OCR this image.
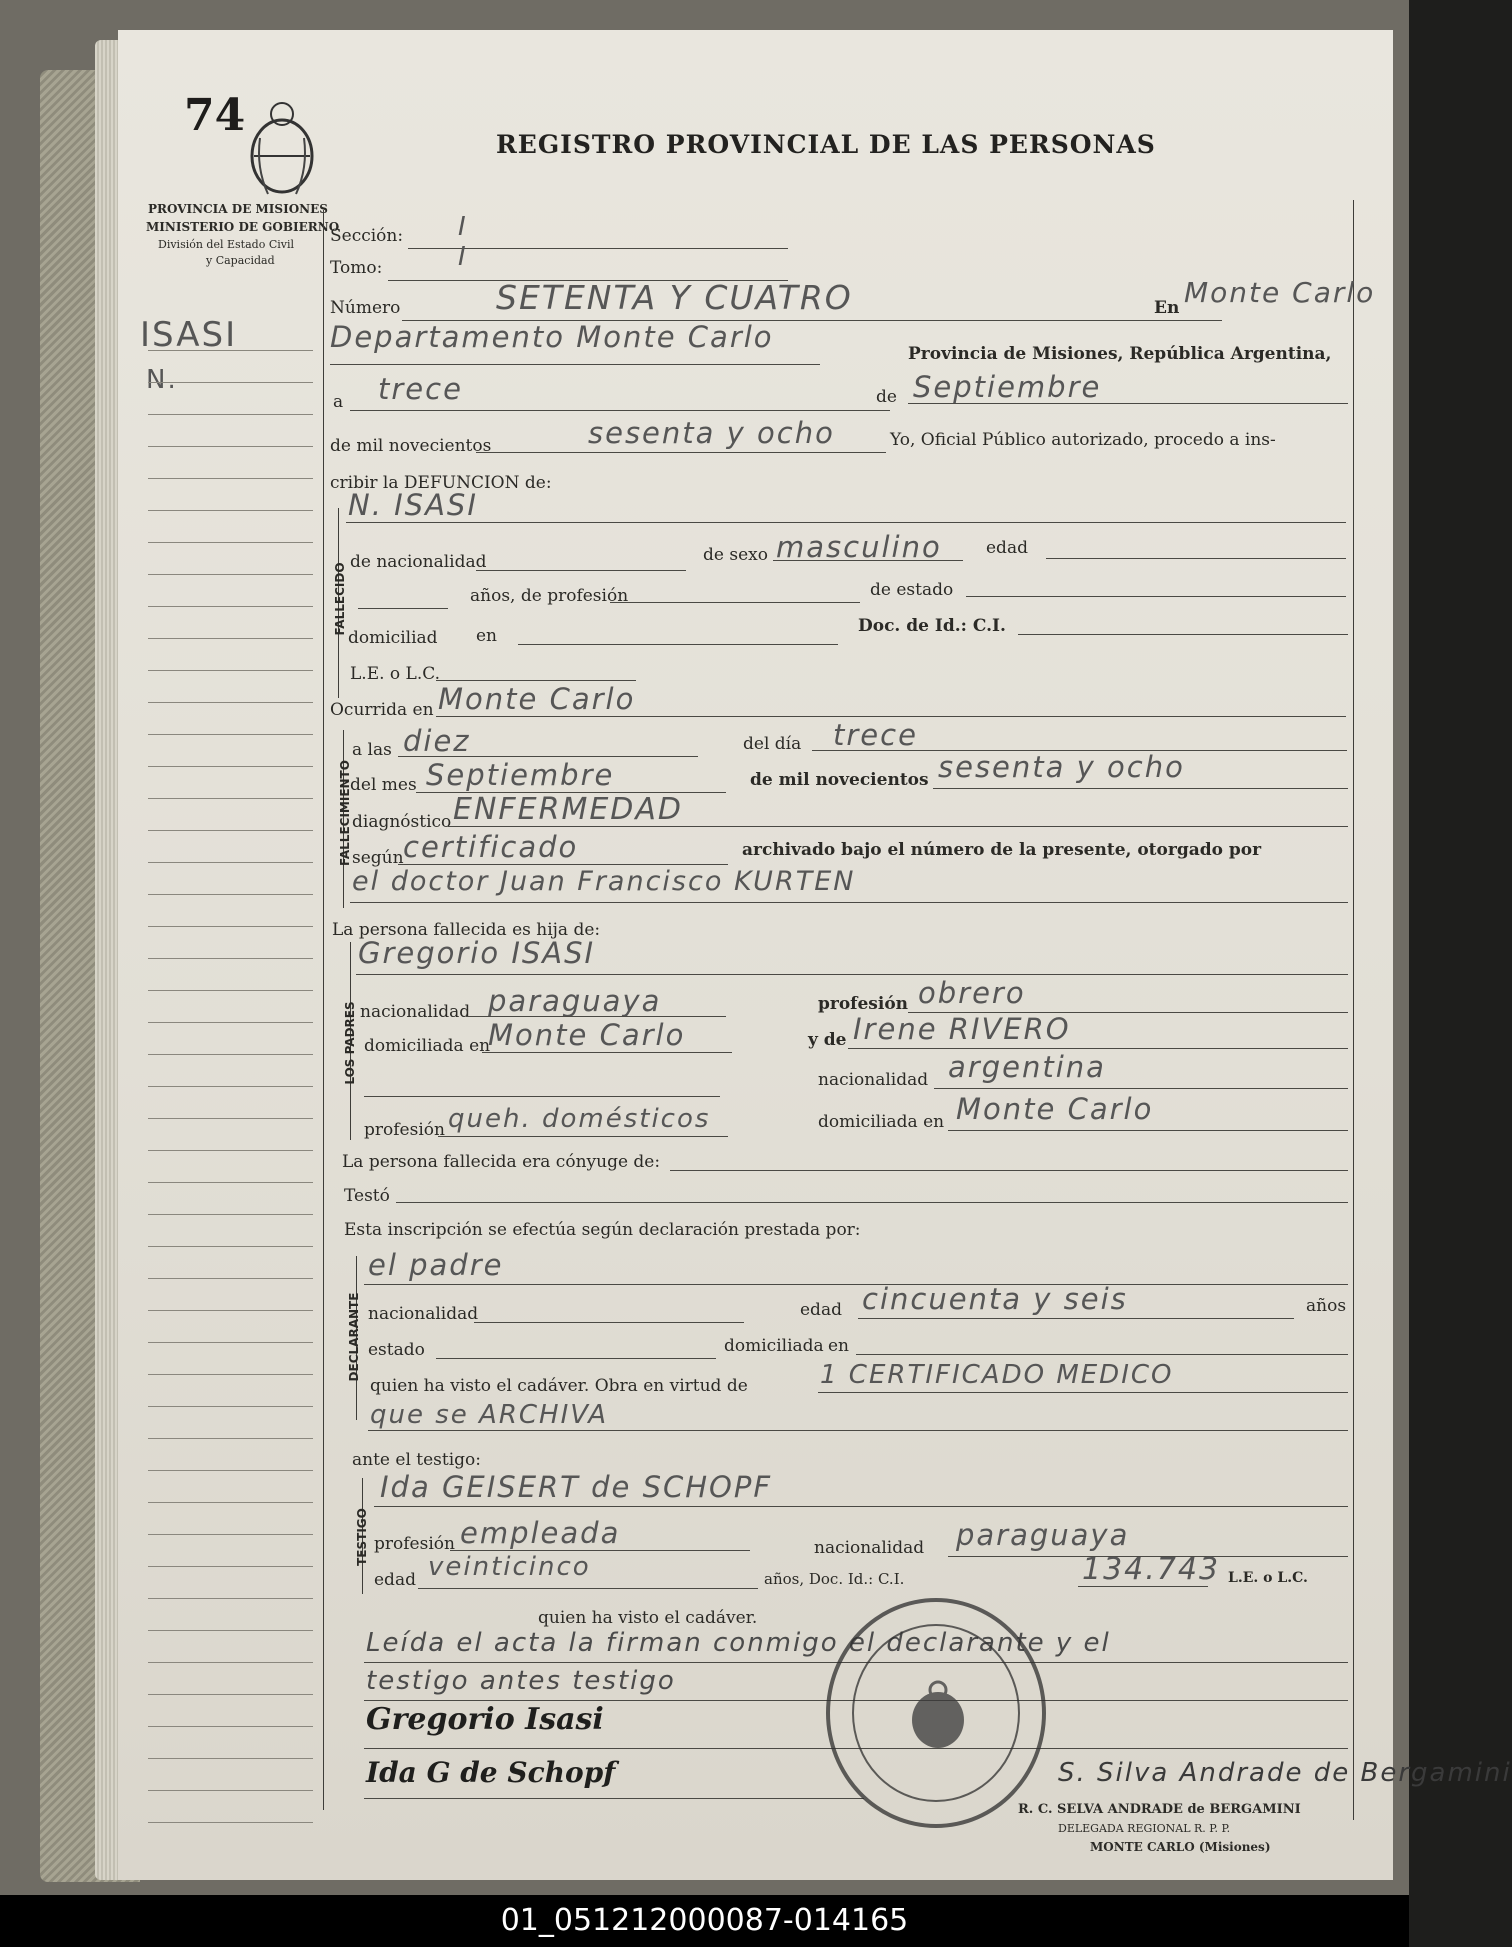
74
PROVINCIA DE MISIONES
MINISTERIO DE GOBIERNO
División del Estado Civil
y Capacidad
REGISTRO PROVINCIAL DE LAS PERSONAS
ISASI
N.
Sección: I
Tomo:	I
Número	SETENTA Y CUATRO	En Monte Carlo
Departamento Monte Carlo	Provincia de Misiones, República Argentina,
a trece	de Septiembre
de mil novecientos	sesenta y ocho	Yo, Oficial Público autorizado, procedo a ins-
cribir la DEFUNCION de:
FALLECIDO
N. ISASI
de nacionalidad	de sexo masculino	edad
años, de profesión	de estado
domiciliad en	Doc. de Id.: C.I.
L.E. o L.C.
Ocurrida en Monte Carlo
FALLECIMIENTO
a las diez	del día trece
del mes Septiembre	de mil novecientos sesenta y ocho
diagnóstico ENFERMEDAD
según certificado	archivado bajo el número de la presente, otorgado por
el doctor Juan Francisco KURTEN
La persona fallecida es hija de:
LOS PADRES
Gregorio ISASI
nacionalidad paraguaya	profesión obrero
domiciliada en
Monte Carlo	y de Irene RIVERO
nacionalidad argentina
profesión queh. domésticos	domiciliada en Monte Carlo
La persona fallecida era cónyuge de:
Testó
Esta inscripción se efectúa según declaración prestada por:
DECLARANTE
el padre
nacionalidad	edad cincuenta y seis	años
estado	domiciliada en
quien ha visto el cadáver. Obra en virtud de	1 CERTIFICADO MEDICO
que se ARCHIVA
ante el testigo:
TESTIGO
Ida GEISERT de SCHOPF
profesión empleada	nacionalidad paraguaya
edad veinticinco	años, Doc. Id.: C.I.	134.743 L.E. o L.C.
quien ha visto el cadáver.
Leída el acta la firman conmigo el declarante y el
testigo antes testigo
Gregorio Isasi
Ida G de Schopf	S. Silva Andrade de Bergamini
R. C. SELVA ANDRADE de BERGAMINI
DELEGADA REGIONAL R. P. P.
MONTE CARLO (Misiones)
01_051212000087-014165
